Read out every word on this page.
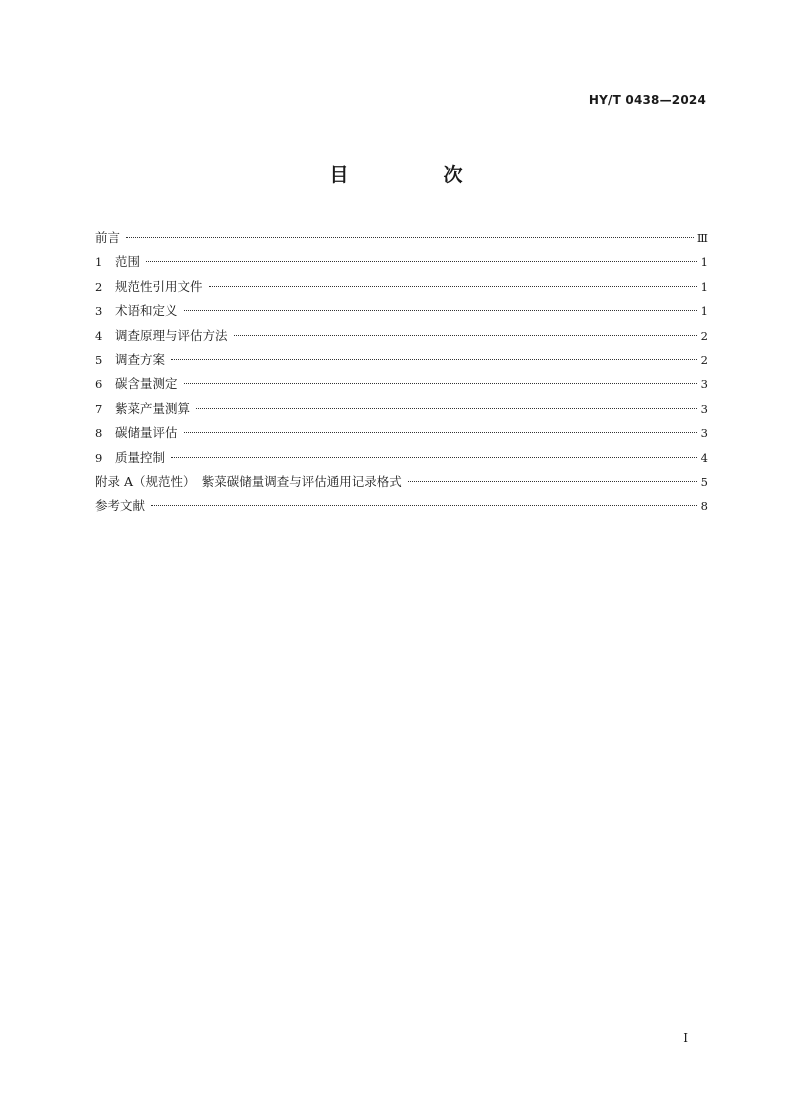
HY/T 0438—2024
目　次
前言	Ⅲ
1	范围	1
2	规范性引用文件	1
3	术语和定义	1
4	调查原理与评估方法	2
5	调查方案	2
6	碳含量测定	3
7	紫菜产量测算	3
8	碳储量评估	3
9	质量控制	4
附录 A（规范性）　紫菜碳储量调查与评估通用记录格式	5
参考文献	8
I
